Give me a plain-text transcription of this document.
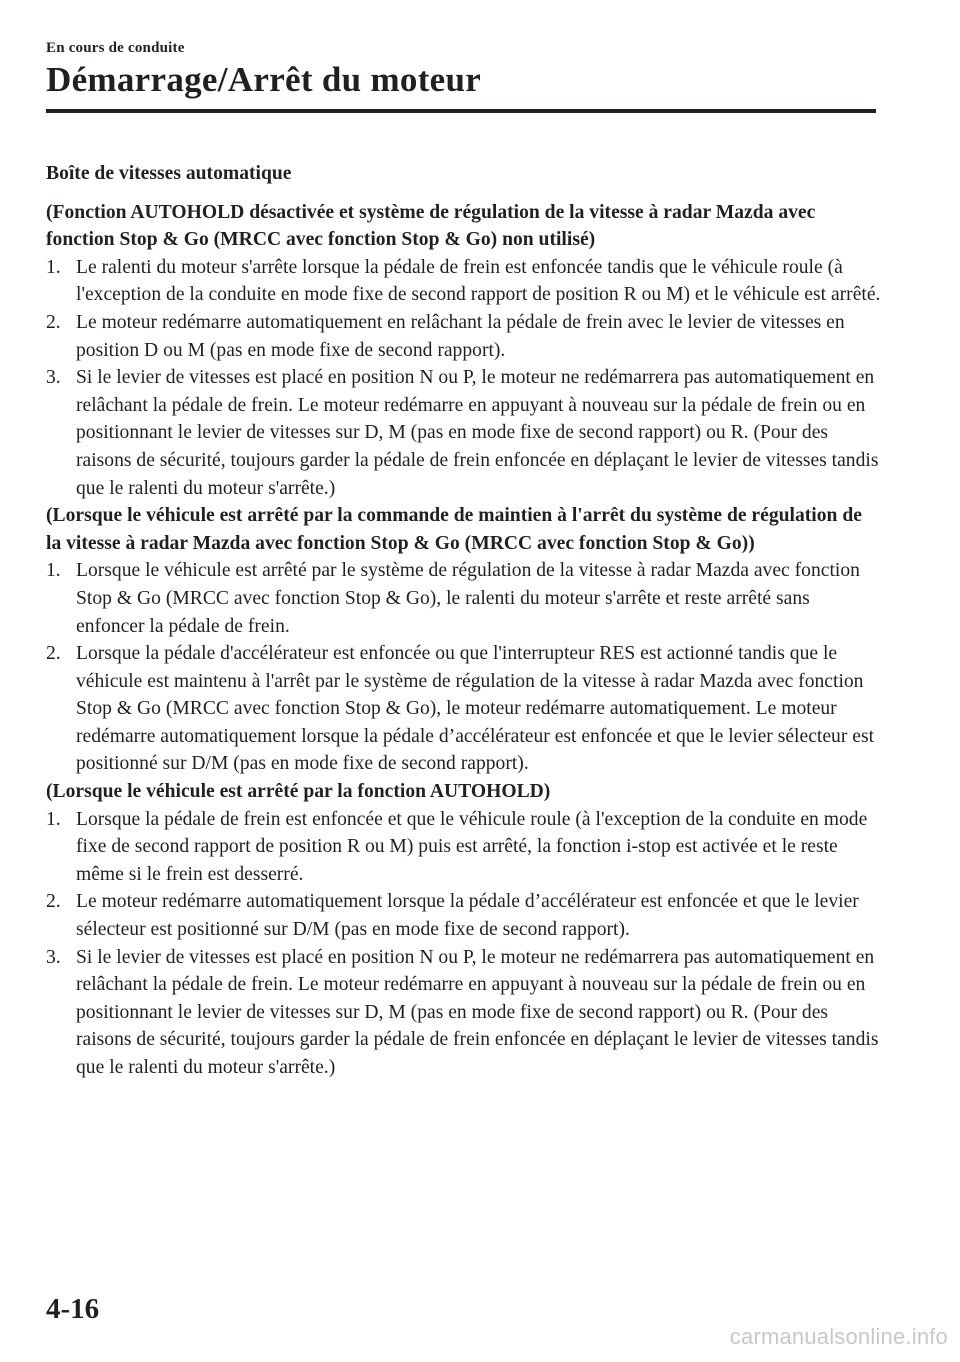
En cours de conduite
Démarrage/Arrêt du moteur
Boîte de vitesses automatique

(Fonction AUTOHOLD désactivée et système de régulation de la vitesse à radar Mazda avec fonction Stop & Go (MRCC avec fonction Stop & Go) non utilisé)

1. Le ralenti du moteur s'arrête lorsque la pédale de frein est enfoncée tandis que le véhicule roule (à l'exception de la conduite en mode fixe de second rapport de position R ou M) et le véhicule est arrêté.
2. Le moteur redémarre automatiquement en relâchant la pédale de frein avec le levier de vitesses en position D ou M (pas en mode fixe de second rapport).
3. Si le levier de vitesses est placé en position N ou P, le moteur ne redémarrera pas automatiquement en relâchant la pédale de frein. Le moteur redémarre en appuyant à nouveau sur la pédale de frein ou en positionnant le levier de vitesses sur D, M (pas en mode fixe de second rapport) ou R. (Pour des raisons de sécurité, toujours garder la pédale de frein enfoncée en déplaçant le levier de vitesses tandis que le ralenti du moteur s'arrête.)

(Lorsque le véhicule est arrêté par la commande de maintien à l'arrêt du système de régulation de la vitesse à radar Mazda avec fonction Stop & Go (MRCC avec fonction Stop & Go))

1. Lorsque le véhicule est arrêté par le système de régulation de la vitesse à radar Mazda avec fonction Stop & Go (MRCC avec fonction Stop & Go), le ralenti du moteur s'arrête et reste arrêté sans enfoncer la pédale de frein.
2. Lorsque la pédale d'accélérateur est enfoncée ou que l'interrupteur RES est actionné tandis que le véhicule est maintenu à l'arrêt par le système de régulation de la vitesse à radar Mazda avec fonction Stop & Go (MRCC avec fonction Stop & Go), le moteur redémarre automatiquement. Le moteur redémarre automatiquement lorsque la pédale d’accélérateur est enfoncée et que le levier sélecteur est positionné sur D/M (pas en mode fixe de second rapport).

(Lorsque le véhicule est arrêté par la fonction AUTOHOLD)

1. Lorsque la pédale de frein est enfoncée et que le véhicule roule (à l'exception de la conduite en mode fixe de second rapport de position R ou M) puis est arrêté, la fonction i-stop est activée et le reste même si le frein est desserré.
2. Le moteur redémarre automatiquement lorsque la pédale d’accélérateur est enfoncée et que le levier sélecteur est positionné sur D/M (pas en mode fixe de second rapport).
3. Si le levier de vitesses est placé en position N ou P, le moteur ne redémarrera pas automatiquement en relâchant la pédale de frein. Le moteur redémarre en appuyant à nouveau sur la pédale de frein ou en positionnant le levier de vitesses sur D, M (pas en mode fixe de second rapport) ou R. (Pour des raisons de sécurité, toujours garder la pédale de frein enfoncée en déplaçant le levier de vitesses tandis que le ralenti du moteur s'arrête.)
4-16
carmanualsonline.info
